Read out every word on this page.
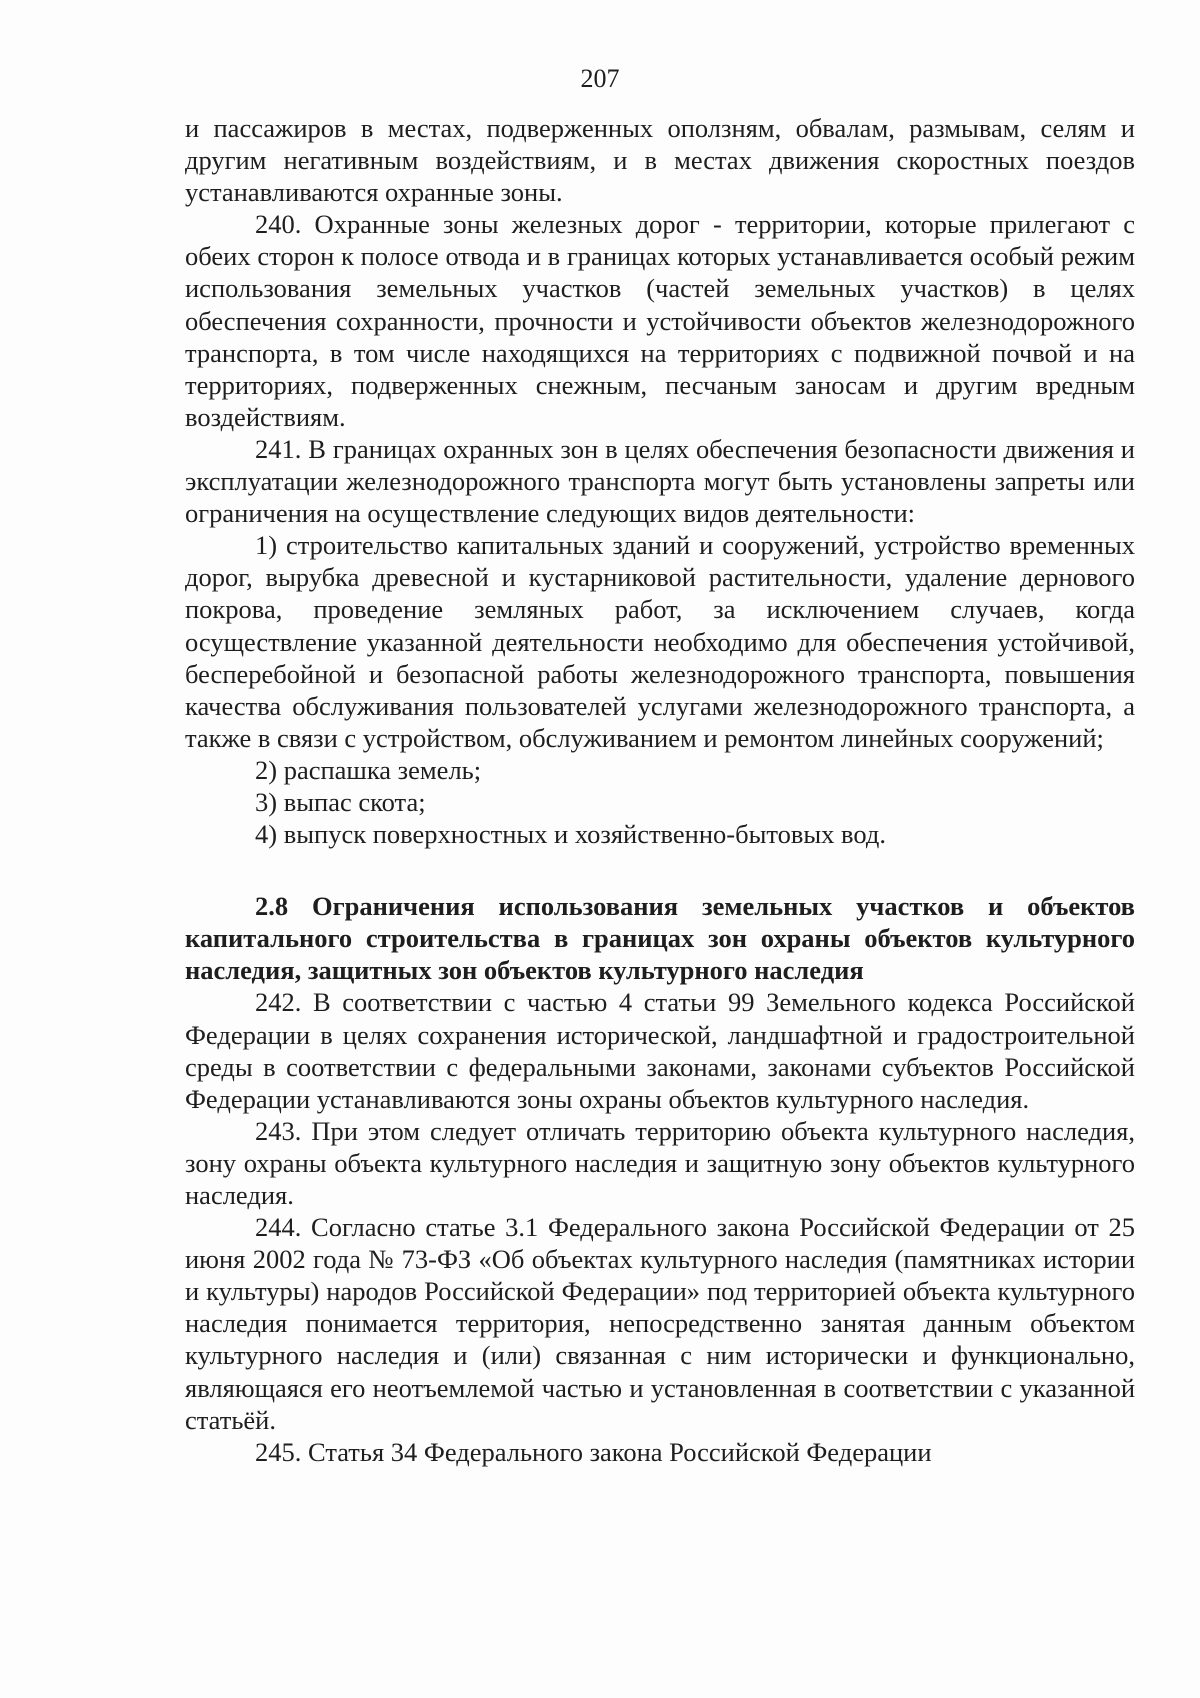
207

и пассажиров в местах, подверженных оползням, обвалам, размывам, селям и другим негативным воздействиям, и в местах движения скоростных поездов устанавливаются охранные зоны.

240. Охранные зоны железных дорог - территории, которые прилегают с обеих сторон к полосе отвода и в границах которых устанавливается особый режим использования земельных участков (частей земельных участков) в целях обеспечения сохранности, прочности и устойчивости объектов железнодорожного транспорта, в том числе находящихся на территориях с подвижной почвой и на территориях, подверженных снежным, песчаным заносам и другим вредным воздействиям.

241. В границах охранных зон в целях обеспечения безопасности движения и эксплуатации железнодорожного транспорта могут быть установлены запреты или ограничения на осуществление следующих видов деятельности:

1) строительство капитальных зданий и сооружений, устройство временных дорог, вырубка древесной и кустарниковой растительности, удаление дернового покрова, проведение земляных работ, за исключением случаев, когда осуществление указанной деятельности необходимо для обеспечения устойчивой, бесперебойной и безопасной работы железнодорожного транспорта, повышения качества обслуживания пользователей услугами железнодорожного транспорта, а также в связи с устройством, обслуживанием и ремонтом линейных сооружений;

2) распашка земель;

3) выпас скота;

4) выпуск поверхностных и хозяйственно-бытовых вод.

2.8 Ограничения использования земельных участков и объектов капитального строительства в границах зон охраны объектов культурного наследия, защитных зон объектов культурного наследия

242. В соответствии с частью 4 статьи 99 Земельного кодекса Российской Федерации в целях сохранения исторической, ландшафтной и градостроительной среды в соответствии с федеральными законами, законами субъектов Российской Федерации устанавливаются зоны охраны объектов культурного наследия.

243. При этом следует отличать территорию объекта культурного наследия, зону охраны объекта культурного наследия и защитную зону объектов культурного наследия.

244. Согласно статье 3.1 Федерального закона Российской Федерации от 25 июня 2002 года № 73-ФЗ «Об объектах культурного наследия (памятниках истории и культуры) народов Российской Федерации» под территорией объекта культурного наследия понимается территория, непосредственно занятая данным объектом культурного наследия и (или) связанная с ним исторически и функционально, являющаяся его неотъемлемой частью и установленная в соответствии с указанной статьёй.

245. Статья 34 Федерального закона Российской Федерации
